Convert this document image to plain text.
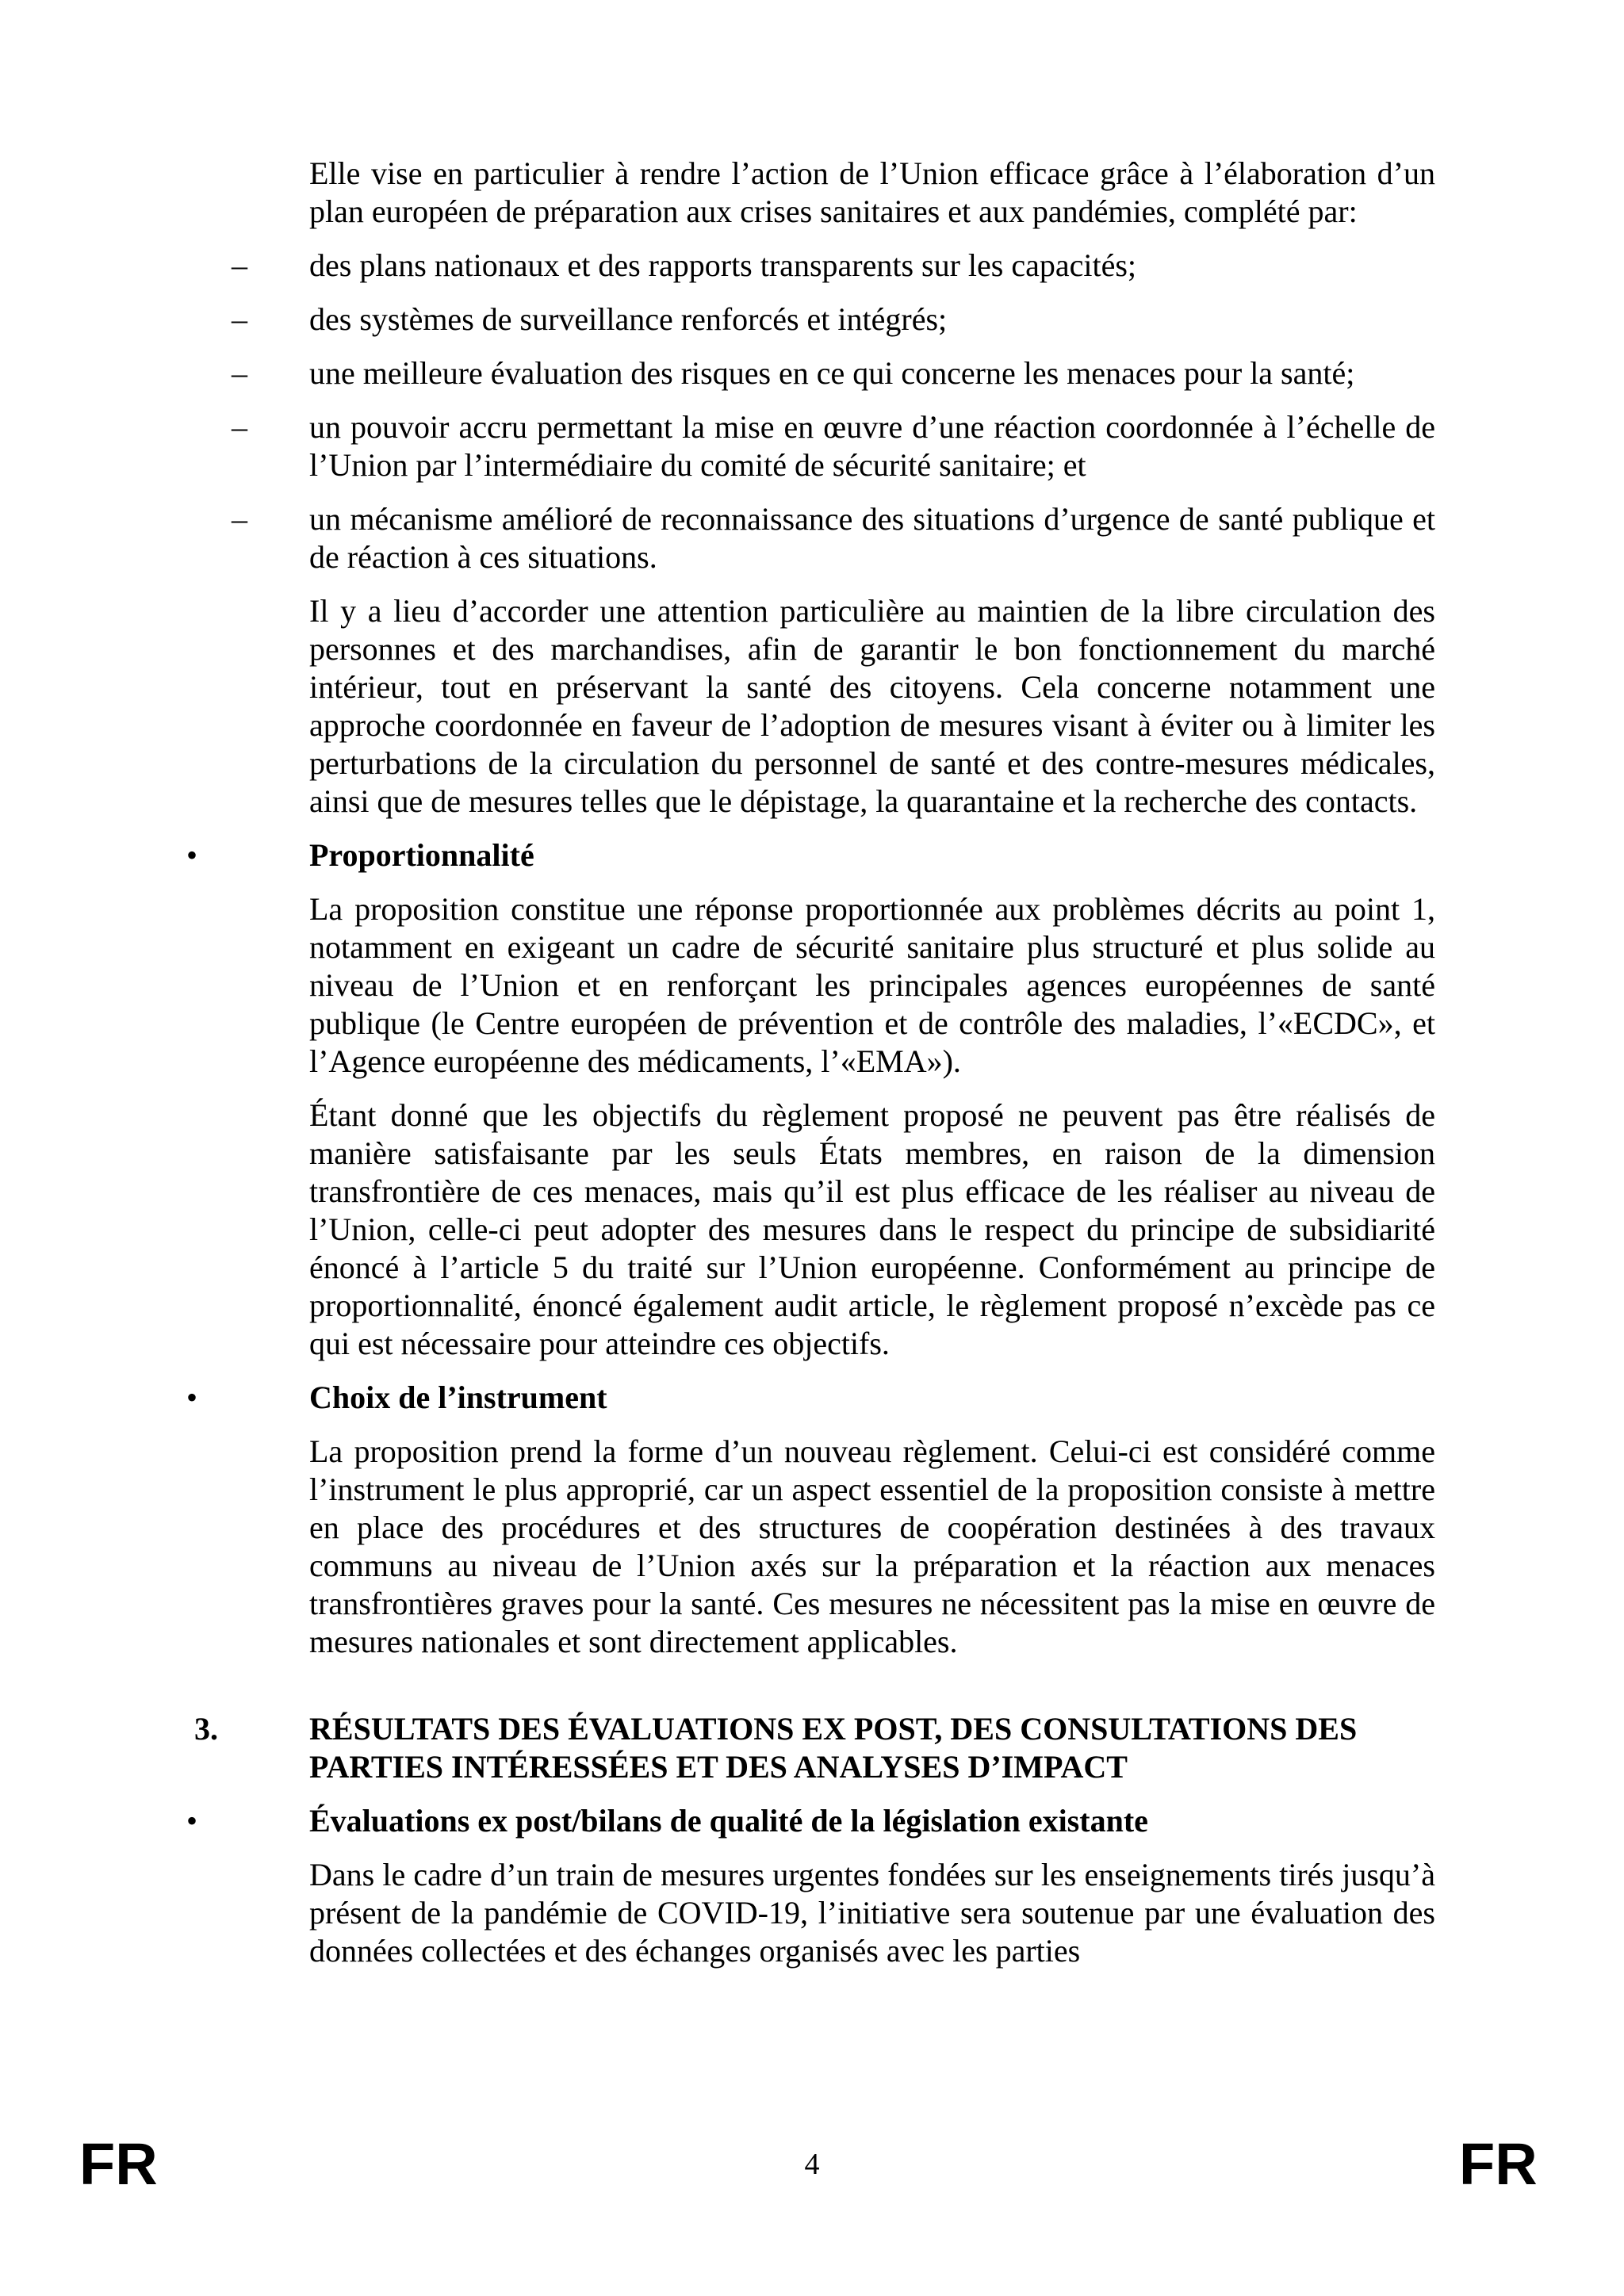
Elle vise en particulier à rendre l’action de l’Union efficace grâce à l’élaboration d’un plan européen de préparation aux crises sanitaires et aux pandémies, complété par:

– des plans nationaux et des rapports transparents sur les capacités;
– des systèmes de surveillance renforcés et intégrés;
– une meilleure évaluation des risques en ce qui concerne les menaces pour la santé;
– un pouvoir accru permettant la mise en œuvre d’une réaction coordonnée à l’échelle de l’Union par l’intermédiaire du comité de sécurité sanitaire; et
– un mécanisme amélioré de reconnaissance des situations d’urgence de santé publique et de réaction à ces situations.

Il y a lieu d’accorder une attention particulière au maintien de la libre circulation des personnes et des marchandises, afin de garantir le bon fonctionnement du marché intérieur, tout en préservant la santé des citoyens. Cela concerne notamment une approche coordonnée en faveur de l’adoption de mesures visant à éviter ou à limiter les perturbations de la circulation du personnel de santé et des contre-mesures médicales, ainsi que de mesures telles que le dépistage, la quarantaine et la recherche des contacts.

•	Proportionnalité

La proposition constitue une réponse proportionnée aux problèmes décrits au point 1, notamment en exigeant un cadre de sécurité sanitaire plus structuré et plus solide au niveau de l’Union et en renforçant les principales agences européennes de santé publique (le Centre européen de prévention et de contrôle des maladies, l’«ECDC», et l’Agence européenne des médicaments, l’«EMA»).

Étant donné que les objectifs du règlement proposé ne peuvent pas être réalisés de manière satisfaisante par les seuls États membres, en raison de la dimension transfrontière de ces menaces, mais qu’il est plus efficace de les réaliser au niveau de l’Union, celle-ci peut adopter des mesures dans le respect du principe de subsidiarité énoncé à l’article 5 du traité sur l’Union européenne. Conformément au principe de proportionnalité, énoncé également audit article, le règlement proposé n’excède pas ce qui est nécessaire pour atteindre ces objectifs.

•	Choix de l’instrument

La proposition prend la forme d’un nouveau règlement. Celui-ci est considéré comme l’instrument le plus approprié, car un aspect essentiel de la proposition consiste à mettre en place des procédures et des structures de coopération destinées à des travaux communs au niveau de l’Union axés sur la préparation et la réaction aux menaces transfrontières graves pour la santé. Ces mesures ne nécessitent pas la mise en œuvre de mesures nationales et sont directement applicables.

3.	RÉSULTATS DES ÉVALUATIONS EX POST, DES CONSULTATIONS DES PARTIES INTÉRESSÉES ET DES ANALYSES D’IMPACT
•	Évaluations ex post/bilans de qualité de la législation existante

Dans le cadre d’un train de mesures urgentes fondées sur les enseignements tirés jusqu’à présent de la pandémie de COVID-19, l’initiative sera soutenue par une évaluation des données collectées et des échanges organisés avec les parties

FR	4	FR
